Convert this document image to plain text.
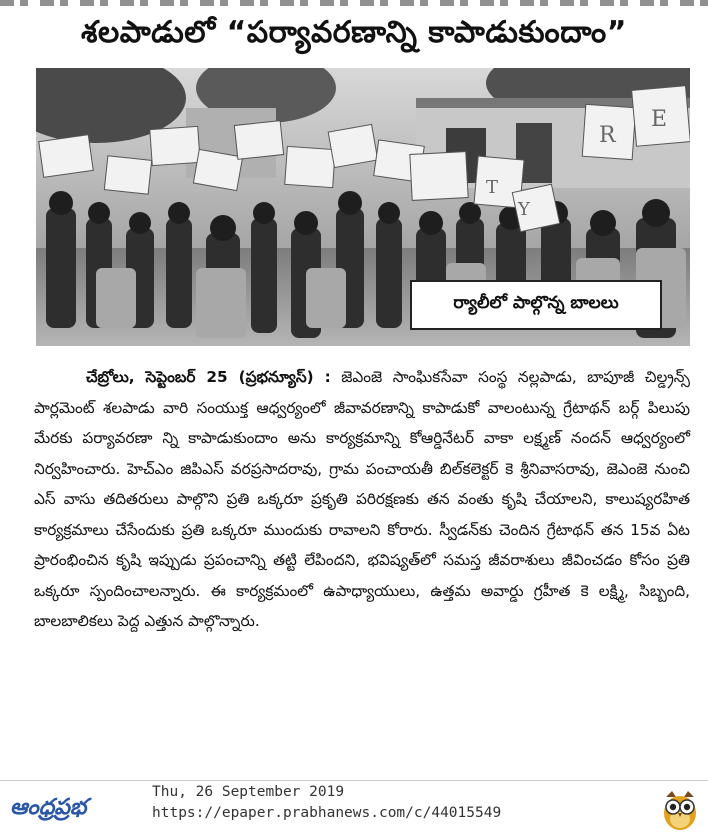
శలపాడులో “పర్యావరణాన్ని కాపాడుకుందాం”
R
E
T
Y
ర్యాలీలో పాల్గొన్న బాలలు

చేబ్రోలు, సెప్టెంబర్ 25 (ప్రభన్యూస్) : జెఎంజె సాంఘికసేవా సంస్థ నల్లపాడు, బాపూజీ చిల్డ్రన్స్ పార్లమెంట్ శలపాడు వారి సంయుక్త ఆధ్వర్యంలో జీవావరణాన్ని కాపాడుకో వాలంటున్న గ్రేటాథన్ బర్గ్ పిలుపు మేరకు పర్యావరణా న్ని కాపాడుకుందాం అను కార్యక్రమాన్ని కోఆర్డినేటర్ వాకా లక్ష్మణ్ నందన్ ఆధ్వర్యంలో నిర్వహించారు. హెచ్ఎం జిపిఎస్ వరప్రసాదరావు, గ్రామ పంచాయతీ బిల్‌కలెక్టర్ కె శ్రీనివాసరావు, జెఎంజె నుంచి ఎస్ వాసు తదితరులు పాల్గొని ప్రతి ఒక్కరూ ప్రకృతి పరిరక్షణకు తన వంతు కృషి చేయాలని, కాలుష్యరహిత కార్యక్రమాలు చేసేందుకు ప్రతి ఒక్కరూ ముందుకు రావాలని కోరారు. స్వీడన్‌కు చెందిన గ్రేటాథన్ తన 15వ ఏట ప్రారంభించిన కృషి ఇప్పుడు ప్రపంచాన్ని తట్టి లేపిందని, భవిష్యత్‌లో సమస్త జీవరాశులు జీవించడం కోసం ప్రతి ఒక్కరూ స్పందించాలన్నారు. ఈ కార్యక్రమంలో ఉపాధ్యాయులు, ఉత్తమ అవార్డు గ్రహీత కె లక్ష్మి, సిబ్బంది, బాలబాలికలు పెద్ద ఎత్తున పాల్గొన్నారు.

ఆంధ్రప్రభ
Thu, 26 September 2019
https://epaper.prabhanews.com/c/44015549
